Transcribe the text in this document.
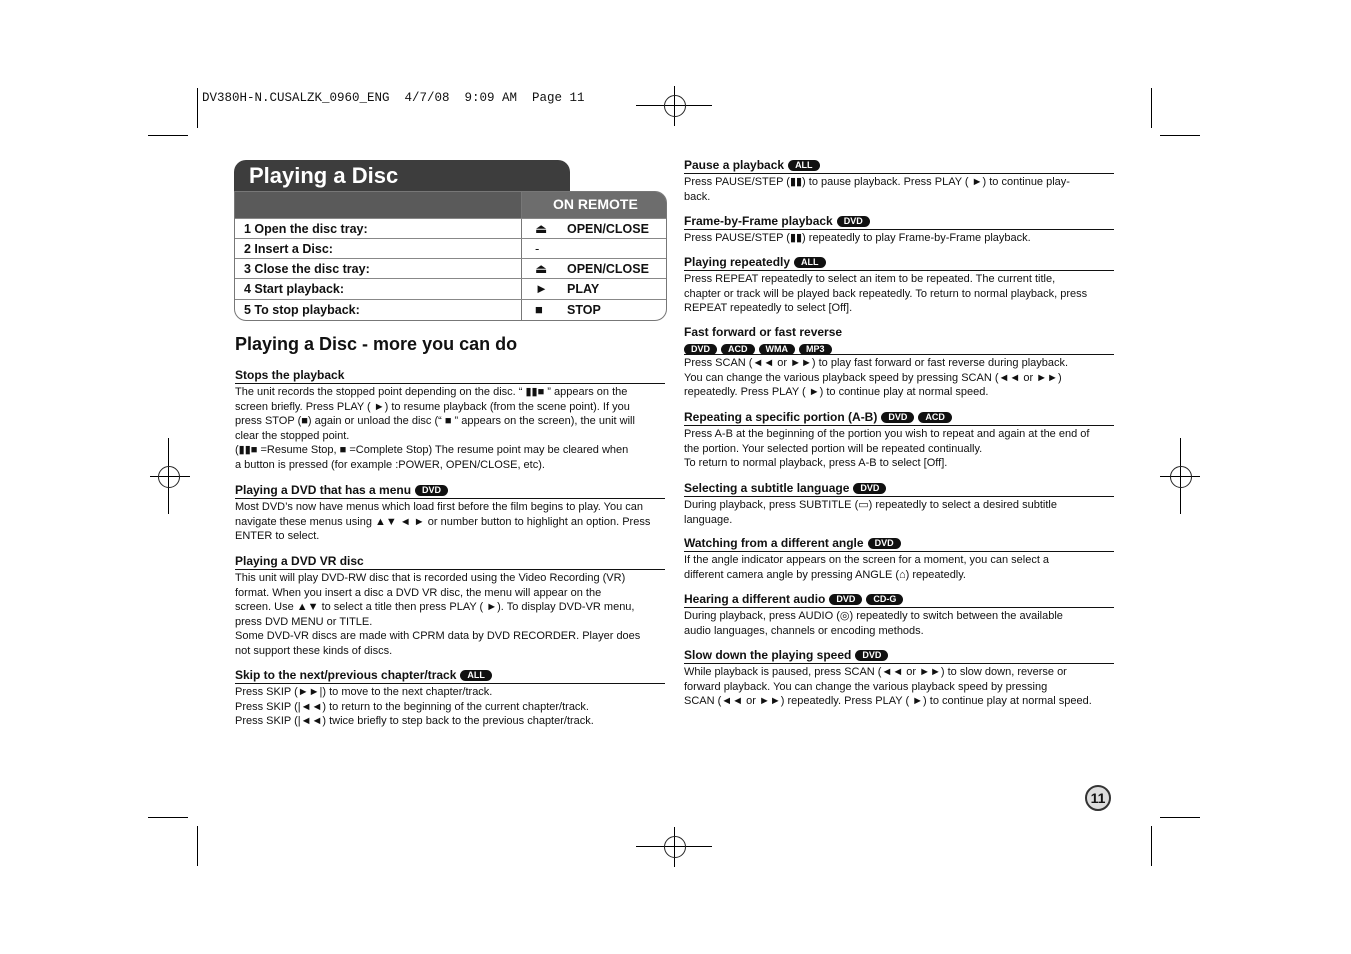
DV380H-N.CUSALZK_0960_ENG  4/7/08  9:09 AM  Page 11
Playing a Disc
ON REMOTE
1 Open the disc tray:	⏏ OPEN/CLOSE
2 Insert a Disc:	-
3 Close the disc tray:	⏏ OPEN/CLOSE
4 Start playback:	► PLAY
5 To stop playback:	■ STOP
Playing a Disc - more you can do
Stops the playback

The unit records the stopped point depending on the disc. “ ▮▮■ ” appears on the

screen briefly. Press PLAY ( ►) to resume playback (from the scene point). If you

press STOP (■) again or unload the disc (“ ■ ” appears on the screen), the unit will

clear the stopped point.

(▮▮■ =Resume Stop, ■ =Complete Stop) The resume point may be cleared when

a button is pressed (for example :POWER, OPEN/CLOSE, etc).

Playing a DVD that has a menu DVD

Most DVD’s now have menus which load first before the film begins to play. You can

navigate these menus using ▲▼ ◄ ► or number button to highlight an option. Press

ENTER to select.

Playing a DVD VR disc

This unit will play DVD-RW disc that is recorded using the Video Recording (VR)

format. When you insert a disc a DVD VR disc, the menu will appear on the

screen. Use ▲▼ to select a title then press PLAY ( ►). To display DVD-VR menu,

press DVD MENU or TITLE.

Some DVD-VR discs are made with CPRM data by DVD RECORDER. Player does

not support these kinds of discs.

Skip to the next/previous chapter/track ALL

Press SKIP (►►|) to move to the next chapter/track.

Press SKIP (|◄◄) to return to the beginning of the current chapter/track.

Press SKIP (|◄◄) twice briefly to step back to the previous chapter/track.

Pause a playback ALL

Press PAUSE/STEP (▮▮) to pause playback. Press PLAY ( ►) to continue play-

back.

Frame-by-Frame playback DVD

Press PAUSE/STEP (▮▮) repeatedly to play Frame-by-Frame playback.

Playing repeatedly ALL

Press REPEAT repeatedly to select an item to be repeated. The current title,

chapter or track will be played back repeatedly. To return to normal playback, press

REPEAT repeatedly to select [Off].

Fast forward or fast reverse
DVD ACD WMA MP3

Press SCAN (◄◄ or ►►) to play fast forward or fast reverse during playback.

You can change the various playback speed by pressing SCAN (◄◄ or ►►)

repeatedly. Press PLAY ( ►) to continue play at normal speed.

Repeating a specific portion (A-B) DVD ACD

Press A-B at the beginning of the portion you wish to repeat and again at the end of

the portion. Your selected portion will be repeated continually.

To return to normal playback, press A-B to select [Off].

Selecting a subtitle language DVD

During playback, press SUBTITLE (▭) repeatedly to select a desired subtitle

language.

Watching from a different angle DVD

If the angle indicator appears on the screen for a moment, you can select a

different camera angle by pressing ANGLE (⌂) repeatedly.

Hearing a different audio DVD CD-G

During playback, press AUDIO (◎) repeatedly to switch between the available

audio languages, channels or encoding methods.

Slow down the playing speed DVD

While playback is paused, press SCAN (◄◄ or ►►) to slow down, reverse or

forward playback. You can change the various playback speed by pressing

SCAN (◄◄ or ►►) repeatedly. Press PLAY ( ►) to continue play at normal speed.

11
